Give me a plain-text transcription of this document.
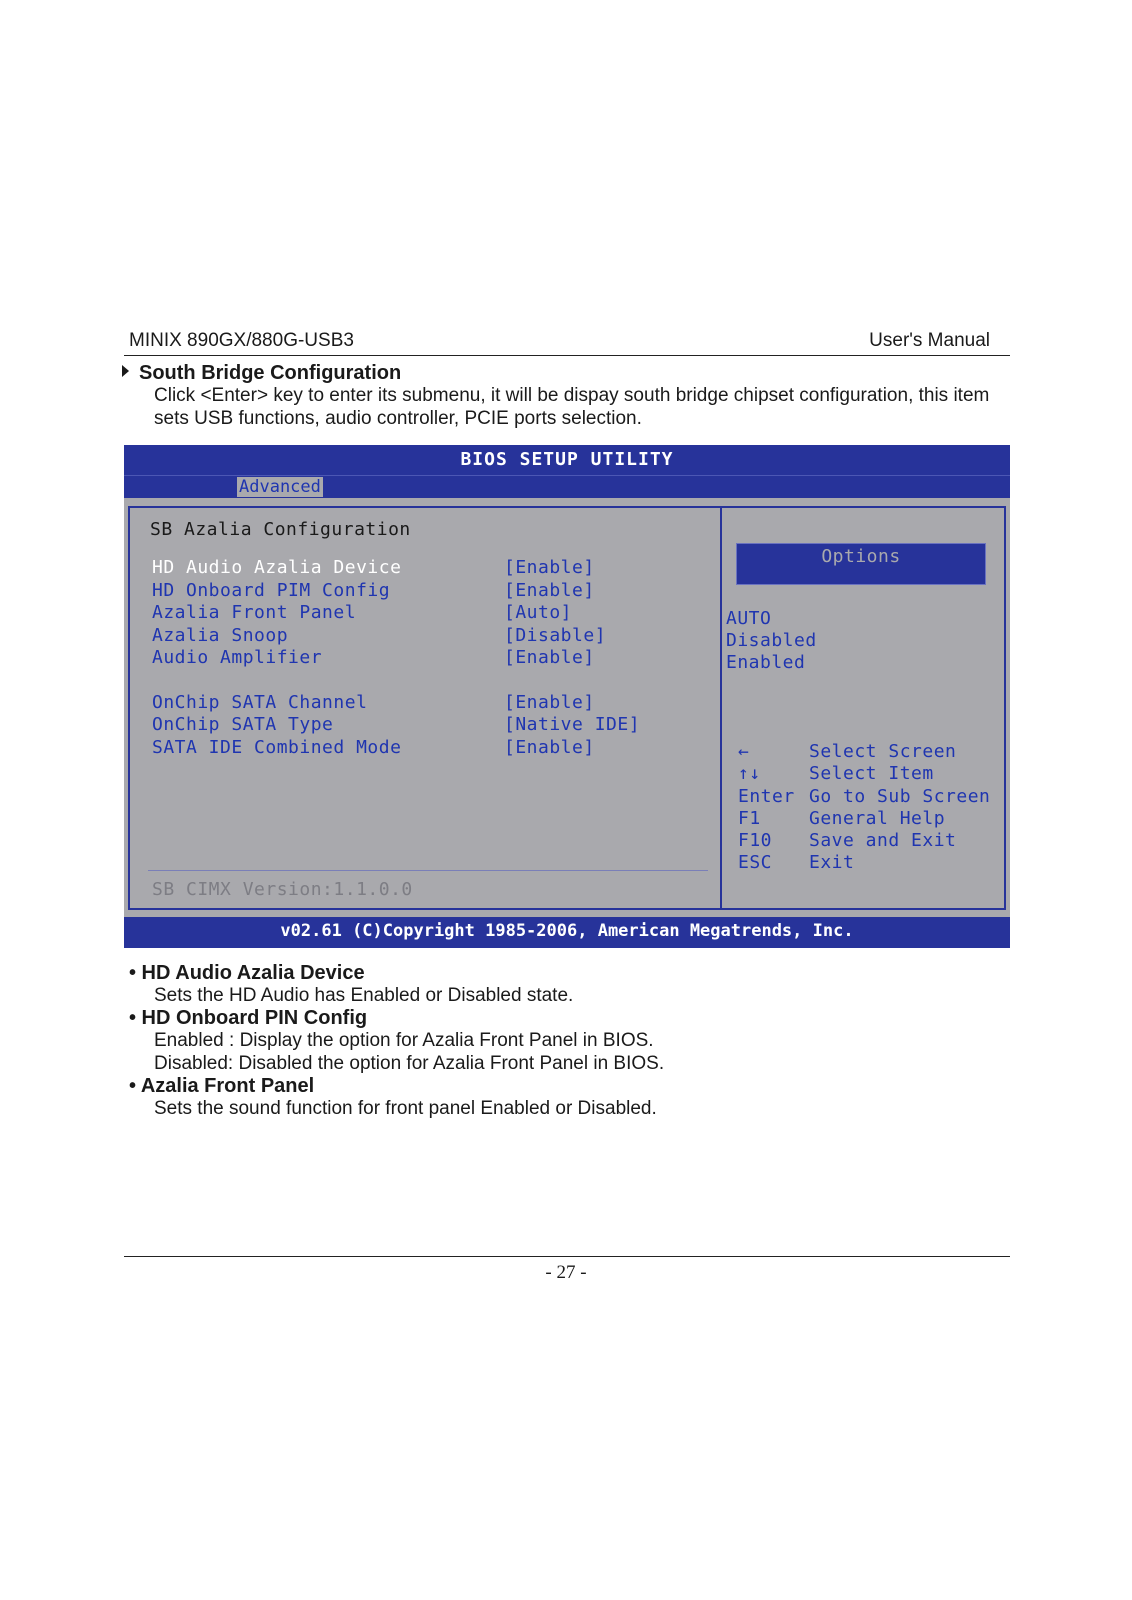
MINIX 890GX/880G-USB3	User's Manual
South Bridge Configuration
Click <Enter> key to enter its submenu, it will be dispay south bridge chipset configuration, this item sets USB functions, audio controller, PCIE ports selection.
BIOS SETUP UTILITY
Advanced
SB Azalia Configuration
HD Audio Azalia Device	[Enable]
HD Onboard PIM Config	[Enable]
Azalia Front Panel	[Auto]
Azalia Snoop	[Disable]
Audio Amplifier	[Enable]
OnChip SATA Channel	[Enable]
OnChip SATA Type	[Native IDE]
SATA IDE Combined Mode	[Enable]
SB CIMX Version:1.1.0.0
Options
AUTO
Disabled
Enabled
←	Select Screen
↑↓	Select Item
Enter Go to Sub Screen
F1	General Help
F10 Save and Exit
ESC Exit
v02.61 (C)Copyright 1985-2006, American Megatrends, Inc.
• HD Audio Azalia Device
Sets the HD Audio has Enabled or Disabled state.
• HD Onboard PIN Config
Enabled : Display the option for Azalia Front Panel in BIOS.
Disabled: Disabled the option for Azalia Front Panel in BIOS.
• Azalia Front Panel
Sets the sound function for front panel Enabled or Disabled.
- 27 -
